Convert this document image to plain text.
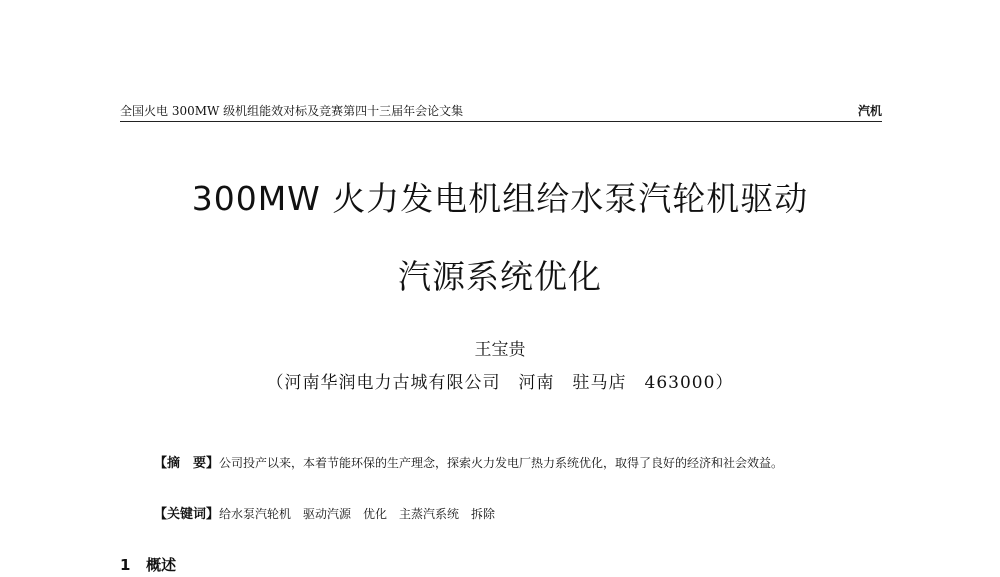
全国火电 300MW 级机组能效对标及竞赛第四十三届年会论文集	汽机

300MW 火力发电机组给水泵汽轮机驱动
汽源系统优化
王宝贵
（河南华润电力古城有限公司　河南　驻马店　463000）
【摘　要】公司投产以来，本着节能环保的生产理念，探索火力发电厂热力系统优化，取得了良好的经济和社会效益。
【关键词】给水泵汽轮机　驱动汽源　优化　主蒸汽系统　拆除
1 概述
